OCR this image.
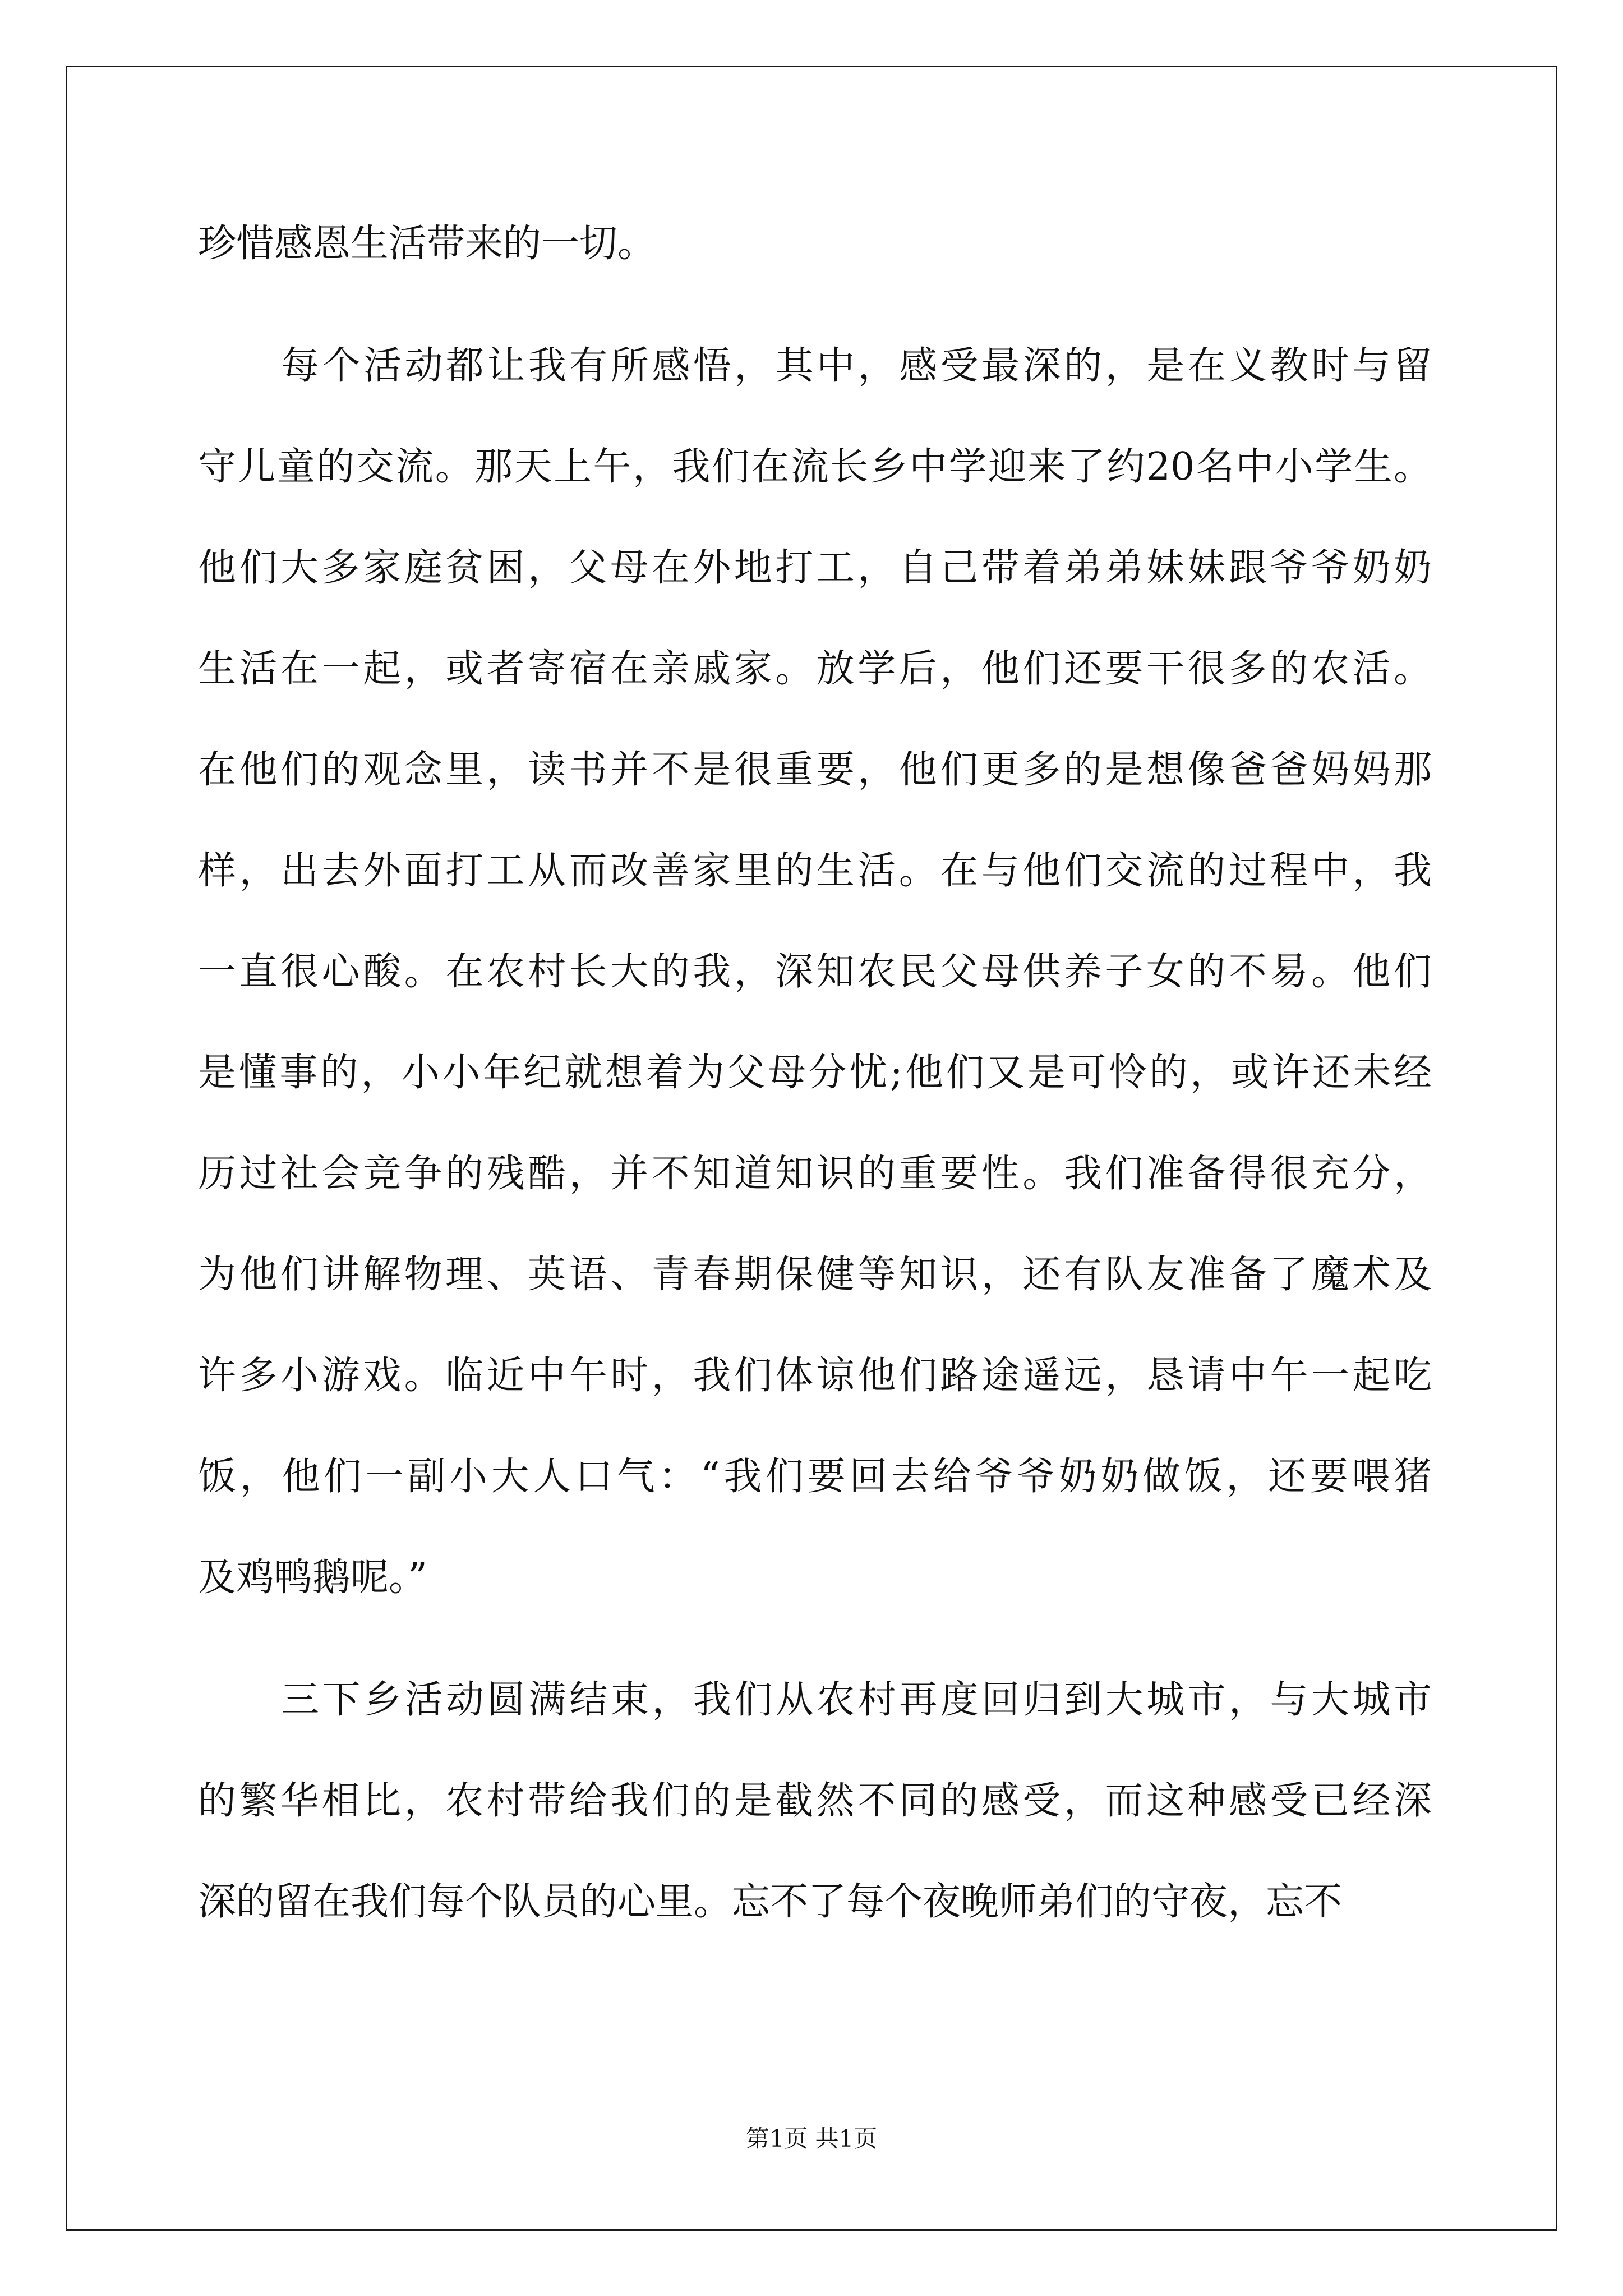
珍惜感恩生活带来的一切。
每个活动都让我有所感悟，其中，感受最深的，是在义教时与留
守儿童的交流。那天上午，我们在流长乡中学迎来了约20名中小学生。
他们大多家庭贫困，父母在外地打工，自己带着弟弟妹妹跟爷爷奶奶
生活在一起，或者寄宿在亲戚家。放学后，他们还要干很多的农活。
在他们的观念里，读书并不是很重要，他们更多的是想像爸爸妈妈那
样，出去外面打工从而改善家里的生活。在与他们交流的过程中，我
一直很心酸。在农村长大的我，深知农民父母供养子女的不易。他们
是懂事的，小小年纪就想着为父母分忧;他们又是可怜的，或许还未经
历过社会竞争的残酷，并不知道知识的重要性。我们准备得很充分，
为他们讲解物理、英语、青春期保健等知识，还有队友准备了魔术及
许多小游戏。临近中午时，我们体谅他们路途遥远，恳请中午一起吃
饭，他们一副小大人口气：“我们要回去给爷爷奶奶做饭，还要喂猪
及鸡鸭鹅呢。”
三下乡活动圆满结束，我们从农村再度回归到大城市，与大城市
的繁华相比，农村带给我们的是截然不同的感受，而这种感受已经深
深的留在我们每个队员的心里。忘不了每个夜晚师弟们的守夜，忘不
第1页 共1页
